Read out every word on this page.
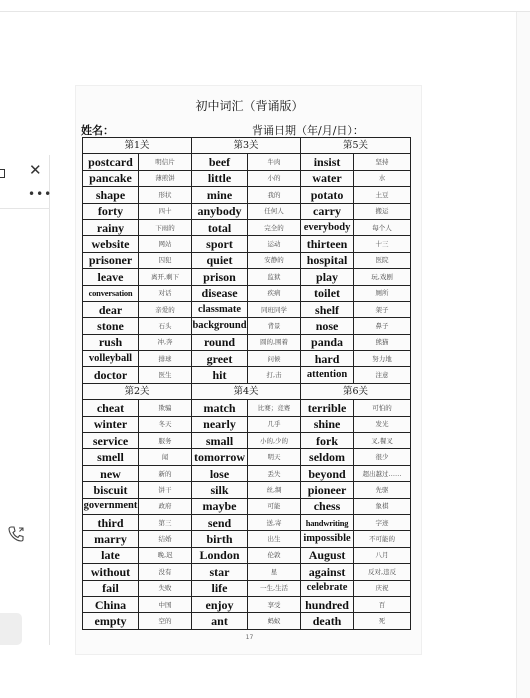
✕
•••
初中词汇（背诵版）
姓名：	背诵日期（年/月/日）：
第1关		第3关		第5关	
postcard	明信片	beef	牛肉	insist	坚持
pancake	薄煎饼	little	小的	water	水
shape	形状	mine	我的	potato	土豆
forty	四十	anybody	任何人	carry	搬运
rainy	下雨的	total	完全的	everybody	每个人
website	网站	sport	运动	thirteen	十三
prisoner	囚犯	quiet	安静的	hospital	医院
leave	离开,剩下	prison	监狱	play	玩,戏剧
conversation	对话	disease	疾病	toilet	厕所
dear	亲爱的	classmate	同班同学	shelf	架子
stone	石头	background	背景	nose	鼻子
rush	冲,奔	round	圆的,围着	panda	熊猫
volleyball	排球	greet	问候	hard	努力地
doctor	医生	hit	打,击	attention	注意
第2关		第4关		第6关	
cheat	欺骗	match	比赛；竞赛	terrible	可怕的
winter	冬天	nearly	几乎	shine	发光
service	服务	small	小的,少的	fork	叉,餐叉
smell	闻	tomorrow	明天	seldom	很少
new	新的	lose	丢失	beyond	超出越过……
biscuit	饼干	silk	丝,绸	pioneer	先驱
government	政府	maybe	可能	chess	象棋
third	第三	send	送,寄	handwriting	字迹
marry	结婚	birth	出生	impossible	不可能的
late	晚,迟	London	伦敦	August	八月
without	没有	star	星	against	反对,违反
fail	失败	life	一生,生活	celebrate	庆祝
China	中国	enjoy	享受	hundred	百
empty	空的	ant	蚂蚁	death	死
17
